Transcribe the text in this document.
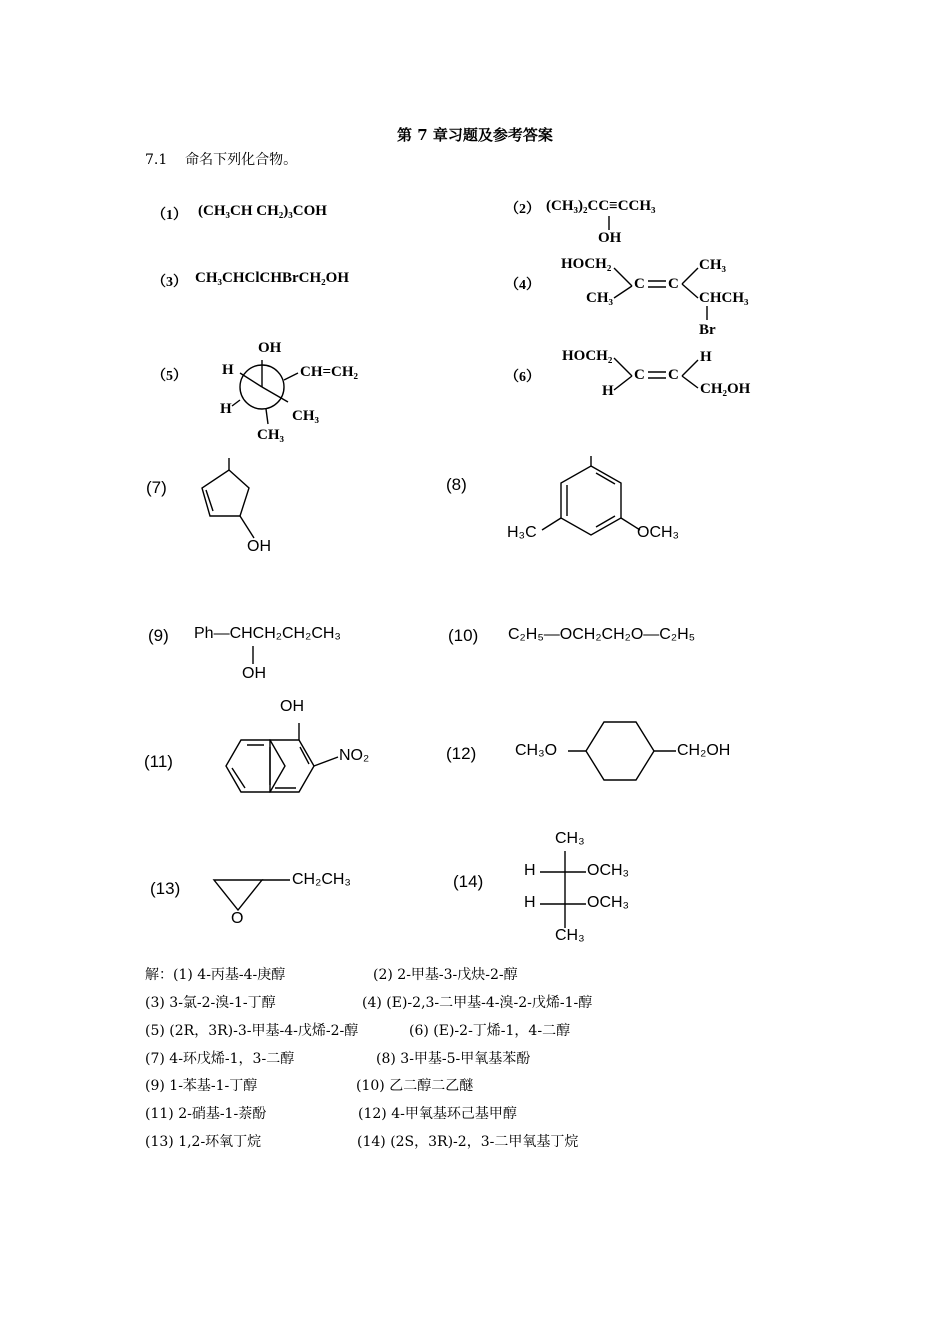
第 7 章习题及参考答案
7.1 命名下列化合物。
（1） (CH₃CH CH₂)₃COH	（2） (CH₃)₂CC≡CCH₃
OH
（3） CH₃CHClCHBrCH₂OH	（4）
HOCH₂
CH₃
C C
CH₃
CHCH₃
Br
（5）
OH
H	CH=CH₂
H	CH₃
CH₃
（6）
HOCH₂
H
C C
H
CH₂OH
(7)
OH
(8)
H₃C	OCH₃
(9) Ph—CHCH₂CH₂CH₃
OH
(10) C₂H₅—OCH₂CH₂O—C₂H₅
(11)
OH
NO₂	(12) CH₃O	CH₂OH
(13)	CH₂CH₃
O
(14)
CH₃
H	OCH₃
H	OCH₃
CH₃
解：(1) 4-丙基-4-庚醇	(2) 2-甲基-3-戊炔-2-醇
(3) 3-氯-2-溴-1-丁醇	(4) (E)-2,3-二甲基-4-溴-2-戊烯-1-醇
(5) (2R，3R)-3-甲基-4-戊烯-2-醇	(6) (E)-2-丁烯-1，4-二醇
(7) 4-环戊烯-1，3-二醇	(8) 3-甲基-5-甲氧基苯酚
(9) 1-苯基-1-丁醇	(10) 乙二醇二乙醚
(11) 2-硝基-1-萘酚	(12) 4-甲氧基环己基甲醇
(13) 1,2-环氧丁烷	(14) (2S，3R)-2，3-二甲氧基丁烷
